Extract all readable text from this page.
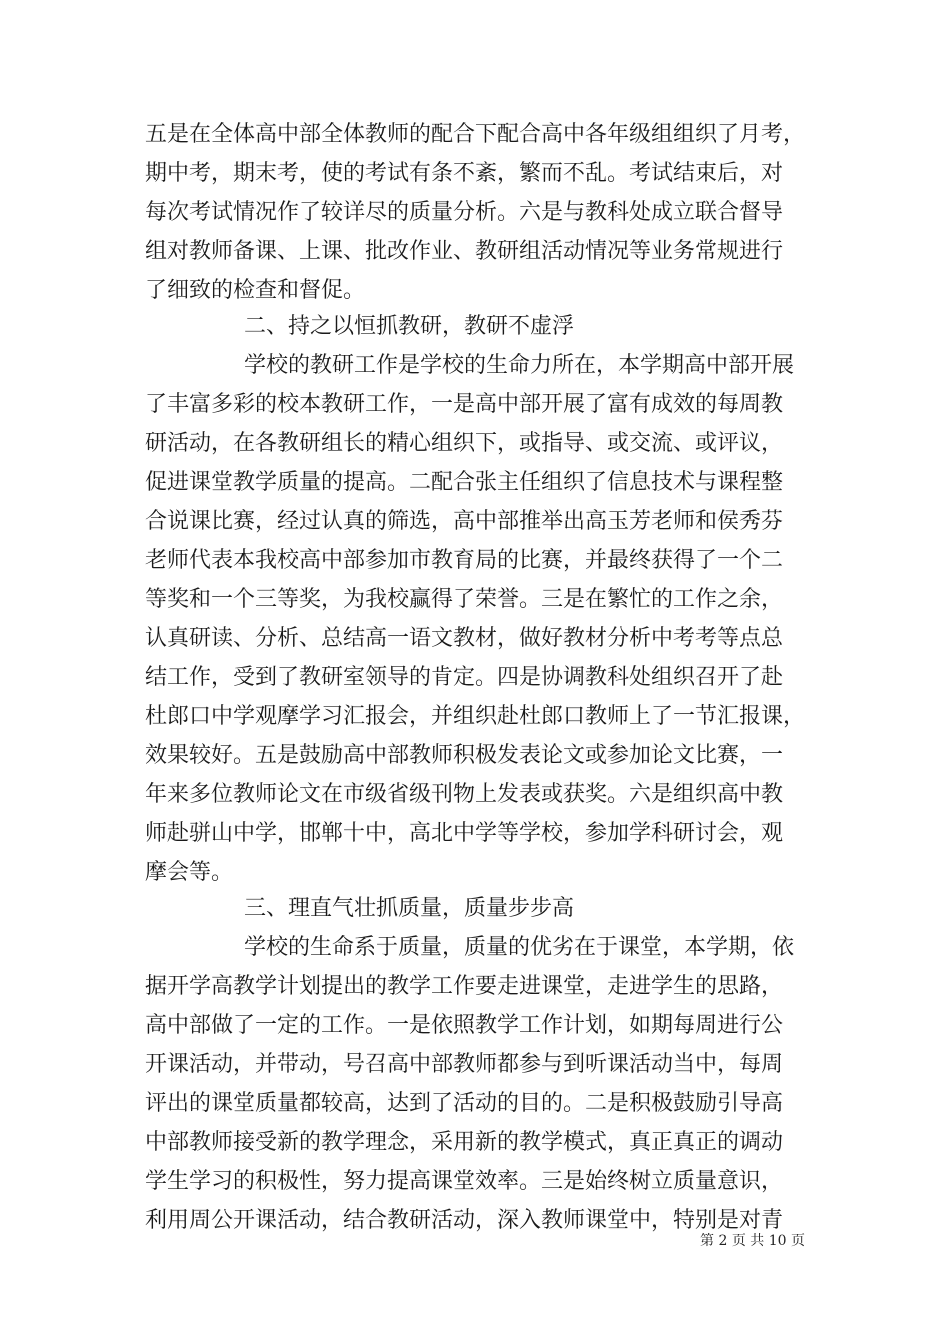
五是在全体高中部全体教师的配合下配合高中各年级组组织了月考，
期中考，期末考，使的考试有条不紊，繁而不乱。考试结束后，对
每次考试情况作了较详尽的质量分析。六是与教科处成立联合督导
组对教师备课、上课、批改作业、教研组活动情况等业务常规进行
了细致的检查和督促。
二、持之以恒抓教研，教研不虚浮
学校的教研工作是学校的生命力所在，本学期高中部开展
了丰富多彩的校本教研工作，一是高中部开展了富有成效的每周教
研活动，在各教研组长的精心组织下，或指导、或交流、或评议，
促进课堂教学质量的提高。二配合张主任组织了信息技术与课程整
合说课比赛，经过认真的筛选，高中部推举出高玉芳老师和侯秀芬
老师代表本我校高中部参加市教育局的比赛，并最终获得了一个二
等奖和一个三等奖，为我校赢得了荣誉。三是在繁忙的工作之余，
认真研读、分析、总结高一语文教材，做好教材分析中考考等点总
结工作，受到了教研室领导的肯定。四是协调教科处组织召开了赴
杜郎口中学观摩学习汇报会，并组织赴杜郎口教师上了一节汇报课，
效果较好。五是鼓励高中部教师积极发表论文或参加论文比赛，一
年来多位教师论文在市级省级刊物上发表或获奖。六是组织高中教
师赴骈山中学，邯郸十中，高北中学等学校，参加学科研讨会，观
摩会等。
三、理直气壮抓质量，质量步步高
学校的生命系于质量，质量的优劣在于课堂，本学期，依
据开学高教学计划提出的教学工作要走进课堂，走进学生的思路，
高中部做了一定的工作。一是依照教学工作计划，如期每周进行公
开课活动，并带动，号召高中部教师都参与到听课活动当中，每周
评出的课堂质量都较高，达到了活动的目的。二是积极鼓励引导高
中部教师接受新的教学理念，采用新的教学模式，真正真正的调动
学生学习的积极性，努力提高课堂效率。三是始终树立质量意识，
利用周公开课活动，结合教研活动，深入教师课堂中，特别是对青
第 2 页 共 10 页
